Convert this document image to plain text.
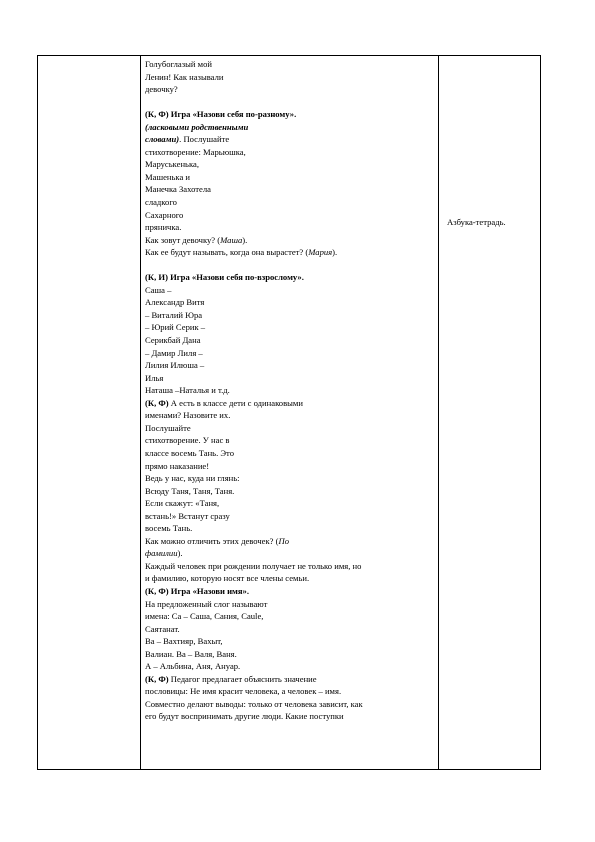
Голубоглазый мой
Ленин! Как называли
девочку?
(К, Ф) Игра «Назови себя по-разному».
(ласковыми родственными
словами). Послушайте
стихотворение: Марьюшка,
Маруськенька,
Машенька и
Манечка Захотела
сладкого
Сахарного
пряничка.
Как зовут девочку? (Маша).
Как ее будут называть, когда она вырастет? (Мария).
(К, И) Игра «Назови себя по-взрослому».
Саша –
Александр Витя
– Виталий Юра
– Юрий Серик –
Серикбай Дана
– Дамир Лиля –
Лилия Илюша –
Илья
Наташа –Наталья и т.д.
(К, Ф) А есть в классе дети с одинаковыми
именами? Назовите их.
Послушайте
стихотворение. У нас в
классе восемь Тань. Это
прямо наказание!
Ведь у нас, куда ни глянь:
Всюду Таня, Таня, Таня.
Если скажут: «Таня,
встань!» Встанут сразу
восемь Тань.
Как можно отличить этих девочек? (По
фамилии).
Каждый человек при рождении получает не только имя, но
и фамилию, которую носят все члены семьи.
(К, Ф) Игра «Назови имя».
На предложенный слог называют
имена: Са – Саша, Сания, Саule,
Саятанат.
Ва – Вахтияр, Вахыт,
Валиан. Ва – Валя, Ваня.
А – Альбина, Аня, Ануар.
(К, Ф) Педагог предлагает объяснить значение
пословицы: Не имя красит человека, а человек – имя.
Совместно делают выводы: только от человека зависит, как
его будут воспринимать другие люди. Какие поступки
Азбука-тетрадь.
